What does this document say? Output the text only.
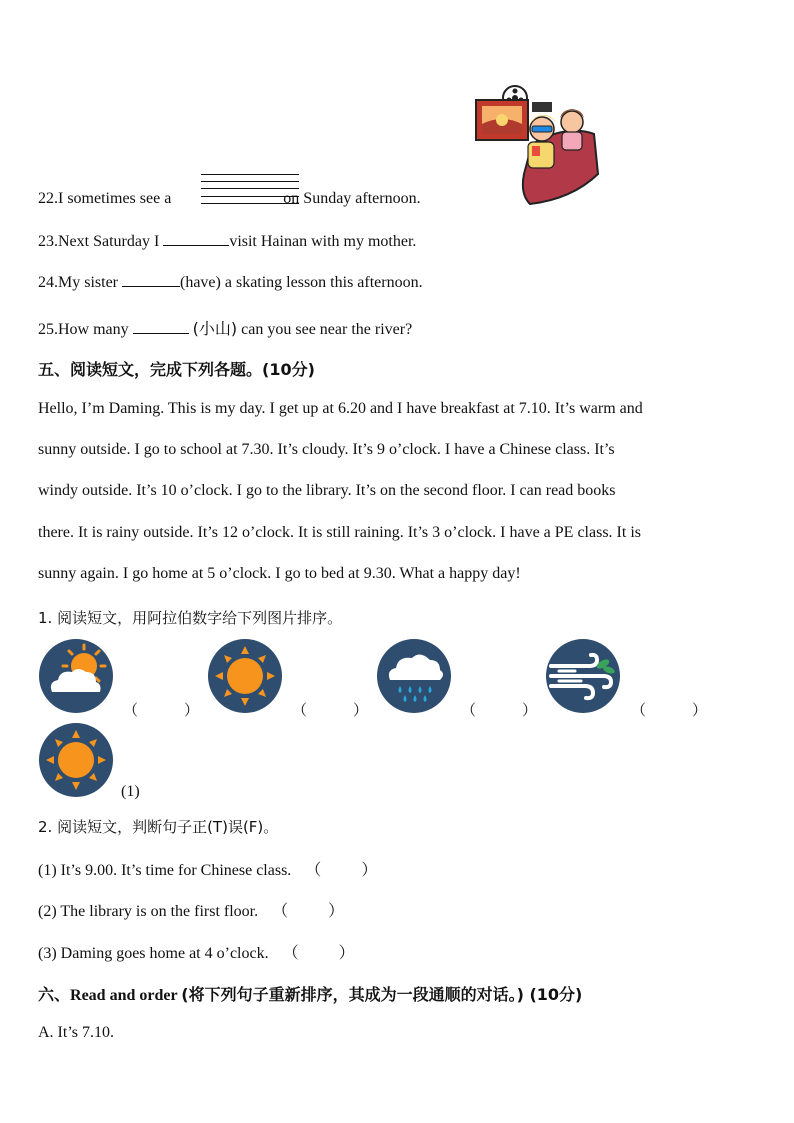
22.I sometimes see a	on Sunday afternoon.
23.Next Saturday I	visit Hainan with my mother.
24.My sister	(have) a skating lesson this afternoon.
25.How many	(小山) can you see near the river?
五、阅读短文，完成下列各题。(10分)
Hello, I’m Daming. This is my day. I get up at 6.20 and I have breakfast at 7.10. It’s warm and
sunny outside. I go to school at 7.30. It’s cloudy. It’s 9 o’clock. I have a Chinese class. It’s
windy outside. It’s 10 o’clock. I go to the library. It’s on the second floor. I can read books
there. It is rainy outside. It’s 12 o’clock. It is still raining. It’s 3 o’clock. I have a PE class. It is
sunny again. I go home at 5 o’clock. I go to bed at 9.30. What a happy day!
1. 阅读短文，用阿拉伯数字给下列图片排序。
（	）	（	）	（	）	（	）
(1)
2. 阅读短文，判断句子正(T)误(F)。
(1) It’s 9.00. It’s time for Chinese class. （	）
(2) The library is on the first floor. （	）
(3) Daming goes home at 4 o’clock. （	）
六、Read and order (将下列句子重新排序，其成为一段通顺的对话。) (10分)
A. It’s 7.10.
